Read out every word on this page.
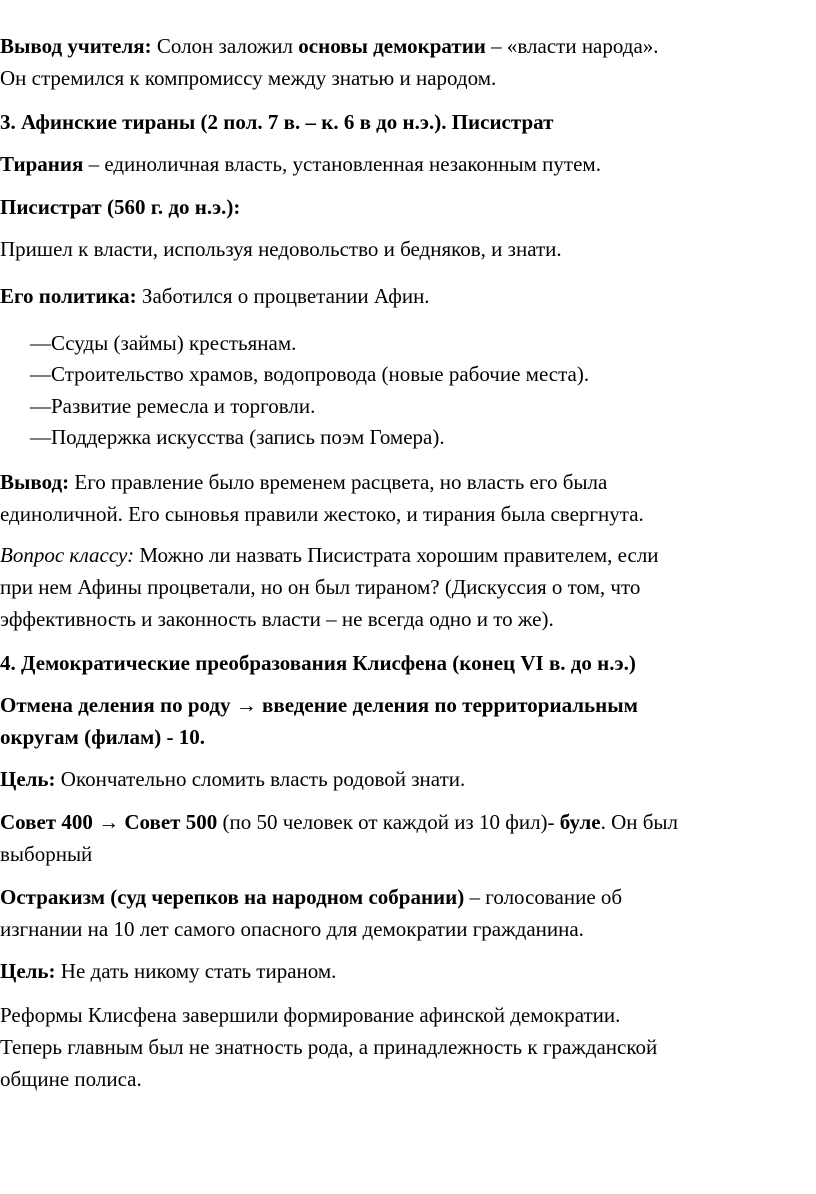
Вывод учителя: Солон заложил основы демократии – «власти народа».
Он стремился к компромиссу между знатью и народом.
3. Афинские тираны (2 пол. 7 в. – к. 6 в до н.э.). Писистрат
Тирания – единоличная власть, установленная незаконным путем.
Писистрат (560 г. до н.э.):
Пришел к власти, используя недовольство и бедняков, и знати.
Его политика: Заботился о процветании Афин.
—Ссуды (займы) крестьянам.
—Строительство храмов, водопровода (новые рабочие места).
—Развитие ремесла и торговли.
—Поддержка искусства (запись поэм Гомера).
Вывод: Его правление было временем расцвета, но власть его была
единоличной. Его сыновья правили жестоко, и тирания была свергнута.
Вопрос классу: Можно ли назвать Писистрата хорошим правителем, если
при нем Афины процветали, но он был тираном? (Дискуссия о том, что
эффективность и законность власти – не всегда одно и то же).
4. Демократические преобразования Клисфена (конец VI в. до н.э.)
Отмена деления по роду → введение деления по территориальным
округам (филам) - 10.
Цель: Окончательно сломить власть родовой знати.
Совет 400 → Совет 500 (по 50 человек от каждой из 10 фил)- буле. Он был
выборный
Остракизм (суд черепков на народном собрании) – голосование об
изгнании на 10 лет самого опасного для демократии гражданина.
Цель: Не дать никому стать тираном.
Реформы Клисфена завершили формирование афинской демократии.
Теперь главным был не знатность рода, а принадлежность к гражданской
общине полиса.
